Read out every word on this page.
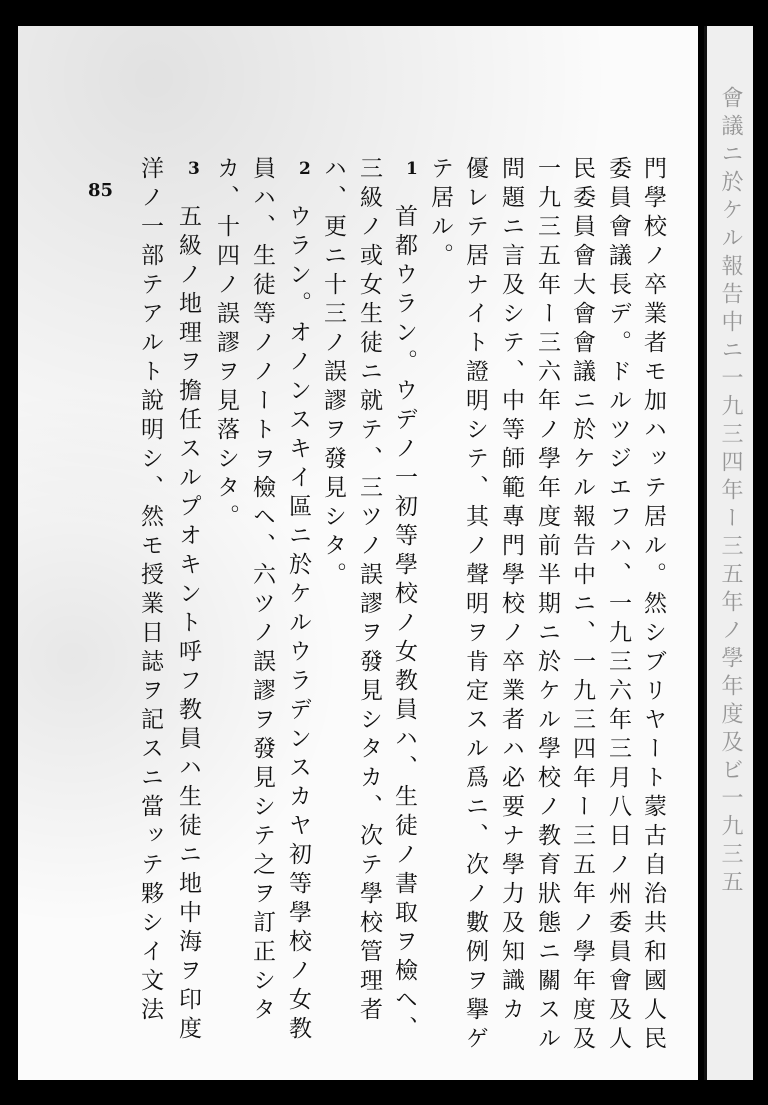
85
1
2
3	門學校ノ卒業者モ加ハッテ居ル。然シブリヤート蒙古自治共和國人民
委員會議長デ。ドルツジエフハ、一九三六年三月八日ノ州委員會及人
民委員會大會會議ニ於ケル報告中ニ、一九三四年ー三五年ノ學年度及
一九三五年ー三六年ノ學年度前半期ニ於ケル學校ノ教育狀態ニ關スル
問題ニ言及シテ、中等師範專門學校ノ卒業者ハ必要ナ學力及知識カ
優レテ居ナイト證明シテ、其ノ聲明ヲ肯定スル爲ニ、次ノ數例ヲ擧ゲ
テ居ル。
首都ウラン。ウデノ一初等學校ノ女教員ハ、生徒ノ書取ヲ檢ヘ、
三級ノ或女生徒ニ就テ、三ツノ誤謬ヲ發見シタカ、次テ學校管理者
ハ、更ニ十三ノ誤謬ヲ發見シタ。
ウラン。オノンスキイ區ニ於ケルウラデンスカヤ初等學校ノ女教
員ハ、生徒等ノノートヲ檢ヘ、六ツノ誤謬ヲ發見シテ之ヲ訂正シタ
カ、十四ノ誤謬ヲ見落シタ。
五級ノ地理ヲ擔任スルプオキント呼フ教員ハ生徒ニ地中海ヲ印度
洋ノ一部テアルト說明シ、然モ授業日誌ヲ記スニ當ッテ夥シイ文法	會議ニ於ケル報告中ニ一九三四年ー三五年ノ學年度及ビ一九三五
